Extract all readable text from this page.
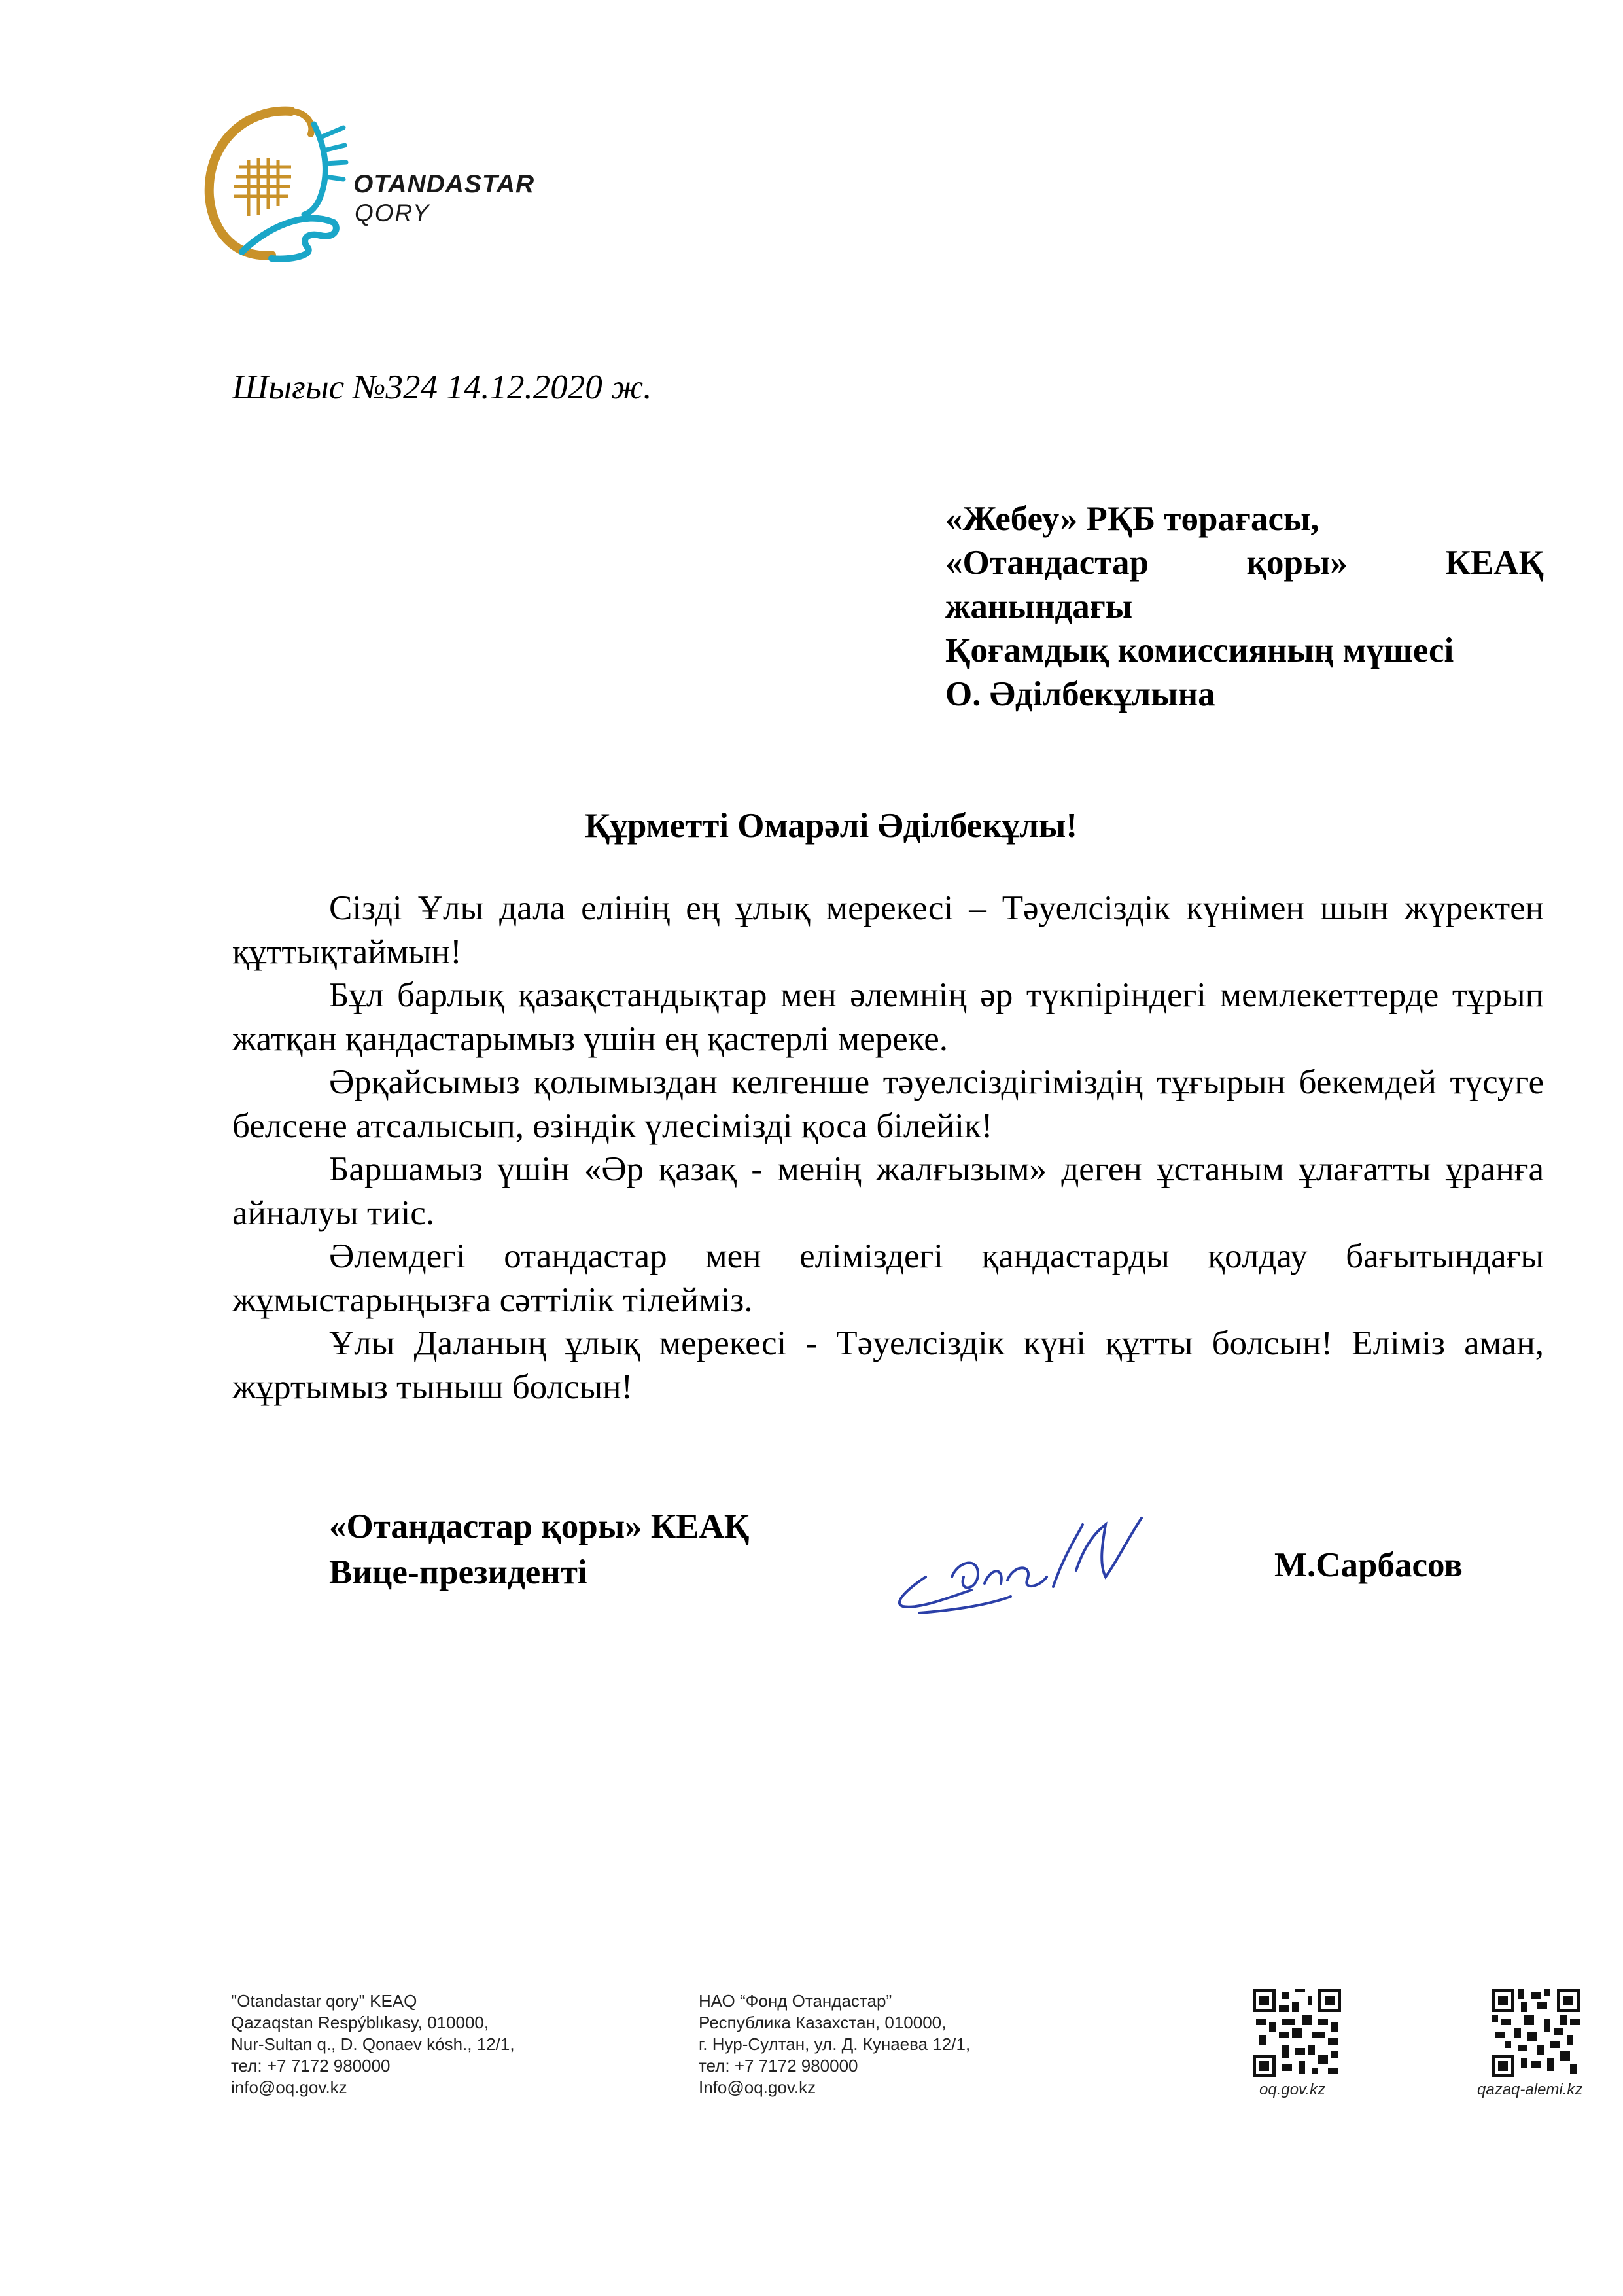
OTANDASTAR
QORY
Шығыс №324 14.12.2020 ж.
«Жебеу» РҚБ төрағасы,
«Отандастар	қоры»	КЕАҚ
жанындағы
Қоғамдық комиссияның мүшесі
О. Әділбекұлына
Құрметті Омарәлі Әділбекұлы!

Сізді Ұлы дала елінің ең ұлық мерекесі – Тәуелсіздік күнімен шын жүректен құттықтаймын!

Бұл барлық қазақстандықтар мен әлемнің әр түкпіріндегі мемлекеттерде тұрып жатқан қандастарымыз үшін ең қастерлі мереке.

Әрқайсымыз қолымыздан келгенше тәуелсіздігіміздің тұғырын бекемдей түсуге белсене атсалысып, өзіндік үлесімізді қоса білейік!

Баршамыз үшін «Әр қазақ - менің жалғызым» деген ұстаным ұлағатты ұранға айналуы тиіс.

Әлемдегі отандастар мен еліміздегі қандастарды қолдау бағытындағы жұмыстарыңызға сәттілік тілейміз.

Ұлы Даланың ұлық мерекесі - Тәуелсіздік күні құтты болсын! Еліміз аман, жұртымыз тыныш болсын!

«Отандастар қоры» КЕАҚ
Вице-президенті	М.Сарбасов
"Otandastar qory" KEAQ
Qazaqstan Respýblıkasy, 010000,
Nur-Sultan q., D. Qonaev kósh., 12/1,
тел: +7 7172 980000
info@oq.gov.kz
НАО “Фонд Отандастар”
Республика Казахстан, 010000,
г. Нур-Султан, ул. Д. Кунаева 12/1,
тел: +7 7172 980000
Info@oq.gov.kz	oq.gov.kz	qazaq-alemi.kz
